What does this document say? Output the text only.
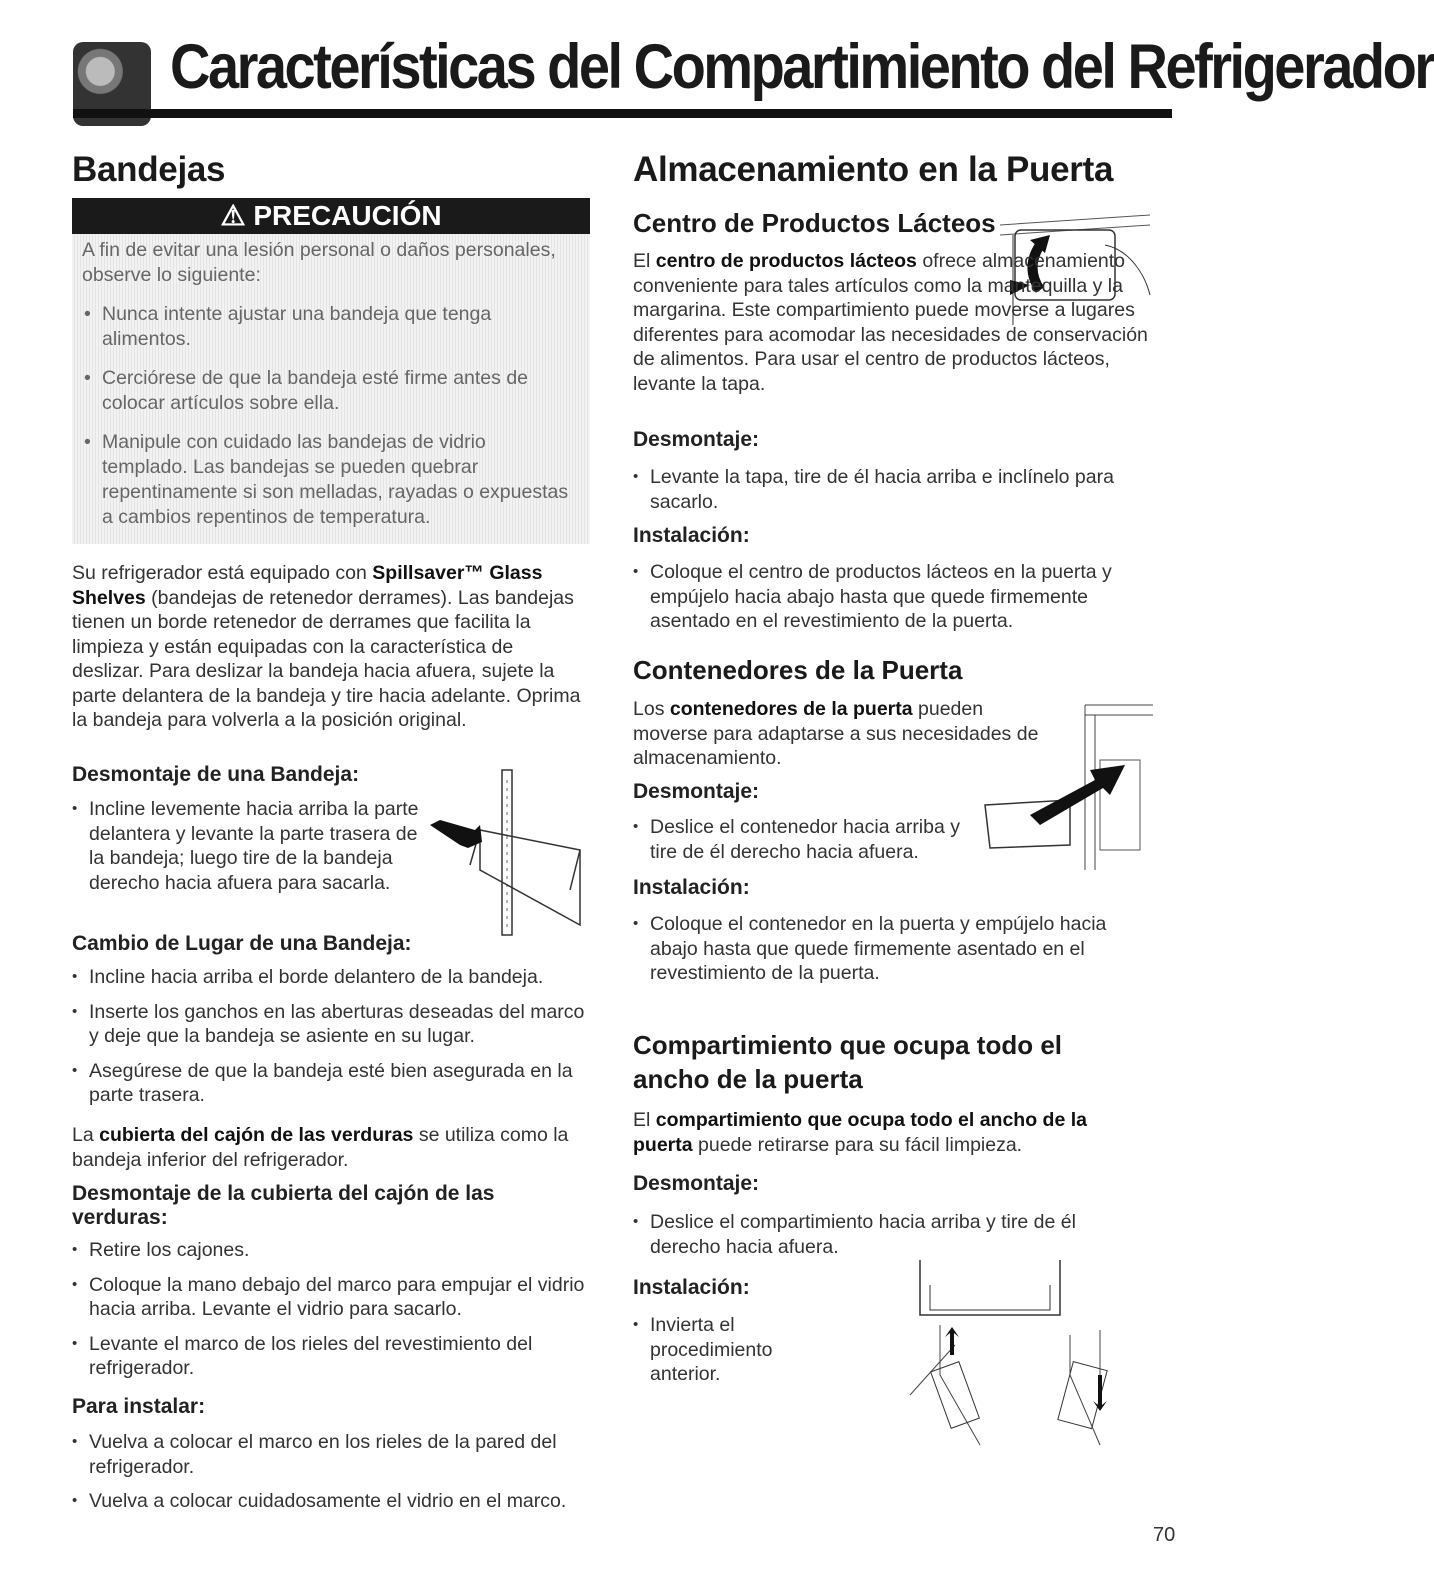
Características del Compartimiento del Refrigerador
Bandejas
⚠ PRECAUCIÓN

A fin de evitar una lesión personal o daños personales, observe lo siguiente:

• Nunca intente ajustar una bandeja que tenga alimentos.
• Cerciórese de que la bandeja esté firme antes de colocar artículos sobre ella.
• Manipule con cuidado las bandejas de vidrio templado. Las bandejas se pueden quebrar repentinamente si son melladas, rayadas o expuestas a cambios repentinos de temperatura.
Su refrigerador está equipado con Spillsaver™ Glass Shelves (bandejas de retenedor derrames). Las bandejas tienen un borde retenedor de derrames que facilita la limpieza y están equipadas con la característica de deslizar. Para deslizar la bandeja hacia afuera, sujete la parte delantera de la bandeja y tire hacia adelante. Oprima la bandeja para volverla a la posición original.
Desmontaje de una Bandeja:
• Incline levemente hacia arriba la parte delantera y levante la parte trasera de la bandeja; luego tire de la bandeja derecho hacia afuera para sacarla.
Cambio de Lugar de una Bandeja:
• Incline hacia arriba el borde delantero de la bandeja.
• Inserte los ganchos en las aberturas deseadas del marco y deje que la bandeja se asiente en su lugar.
• Asegúrese de que la bandeja esté bien asegurada en la parte trasera.
La cubierta del cajón de las verduras se utiliza como la bandeja inferior del refrigerador.
Desmontaje de la cubierta del cajón de las verduras:
• Retire los cajones.
• Coloque la mano debajo del marco para empujar el vidrio hacia arriba. Levante el vidrio para sacarlo.
• Levante el marco de los rieles del revestimiento del refrigerador.
Para instalar:
• Vuelva a colocar el marco en los rieles de la pared del refrigerador.
• Vuelva a colocar cuidadosamente el vidrio en el marco.
Almacenamiento en la Puerta
Centro de Productos Lácteos
El centro de productos lácteos ofrece almacenamiento conveniente para tales artículos como la mantequilla y la margarina. Este compartimiento puede moverse a lugares diferentes para acomodar las necesidades de conservación de alimentos. Para usar el centro de productos lácteos, levante la tapa.
Desmontaje:
• Levante la tapa, tire de él hacia arriba e inclínelo para sacarlo.
Instalación:
• Coloque el centro de productos lácteos en la puerta y empújelo hacia abajo hasta que quede firmemente asentado en el revestimiento de la puerta.
Contenedores de la Puerta
Los contenedores de la puerta pueden moverse para adaptarse a sus necesidades de almacenamiento.
Desmontaje:
• Deslice el contenedor hacia arriba y tire de él derecho hacia afuera.
Instalación:
• Coloque el contenedor en la puerta y empújelo hacia abajo hasta que quede firmemente asentado en el revestimiento de la puerta.
Compartimiento que ocupa todo el ancho de la puerta
El compartimiento que ocupa todo el ancho de la puerta puede retirarse para su fácil limpieza.
Desmontaje:
• Deslice el compartimiento hacia arriba y tire de él derecho hacia afuera.
Instalación:
• Invierta el procedimiento anterior.
70
